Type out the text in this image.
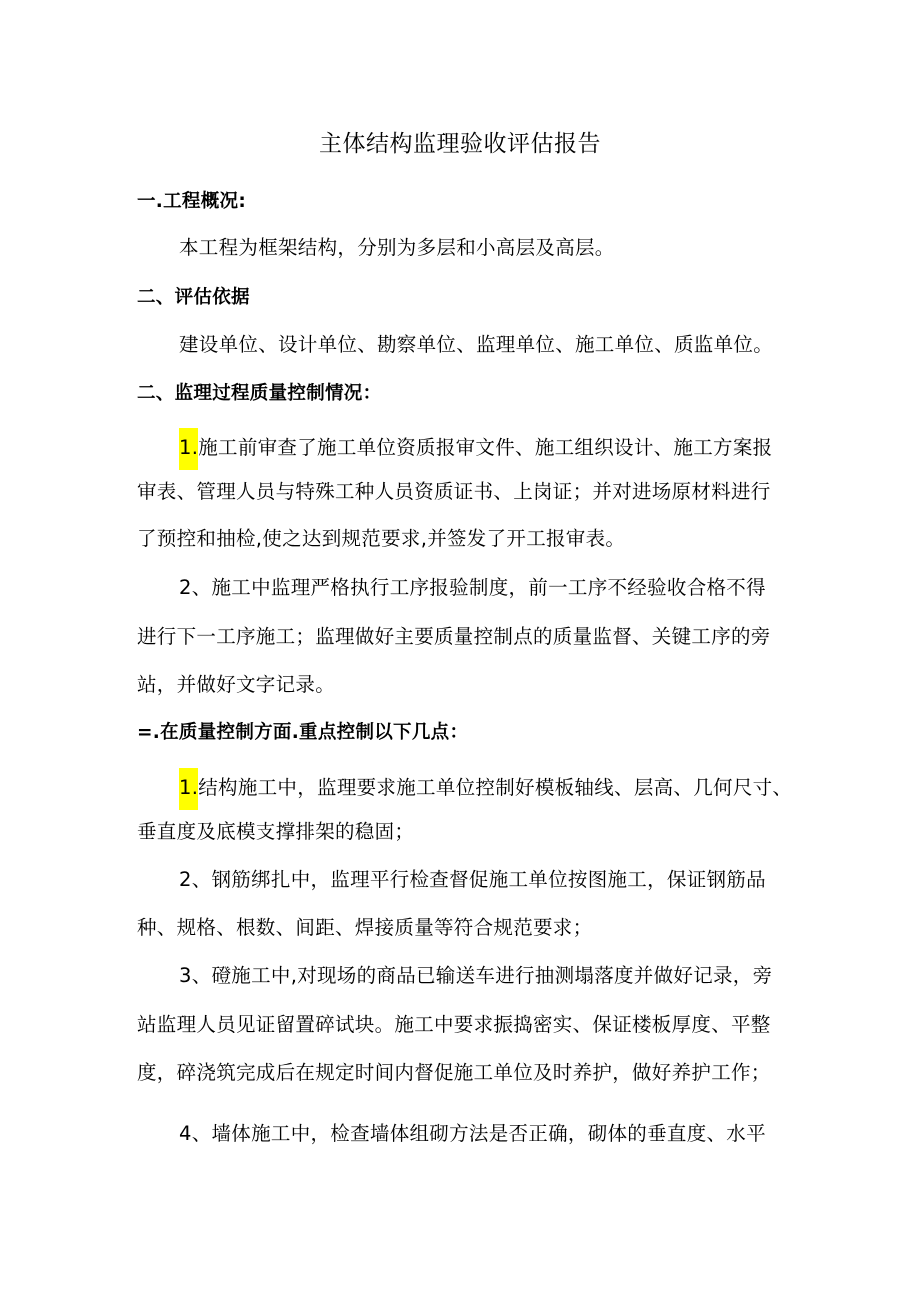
主体结构监理验收评估报告

一.工程概况:

本工程为框架结构，分别为多层和小高层及高层。

二、评估依据

建设单位、设计单位、勘察单位、监理单位、施工单位、质监单位。

二、监理过程质量控制情况：

1.施工前审查了施工单位资质报审文件、施工组织设计、施工方案报

审表、管理人员与特殊工种人员资质证书、上岗证；并对进场原材料进行

了预控和抽检,使之达到规范要求,并签发了开工报审表。

2、施工中监理严格执行工序报验制度，前一工序不经验收合格不得

进行下一工序施工；监理做好主要质量控制点的质量监督、关键工序的旁

站，并做好文字记录。

=.在质量控制方面.重点控制以下几点：

1.结构施工中，监理要求施工单位控制好模板轴线、层高、几何尺寸、

垂直度及底模支撑排架的稳固；

2、钢筋绑扎中，监理平行检查督促施工单位按图施工，保证钢筋品

种、规格、根数、间距、焊接质量等符合规范要求；

3、磴施工中,对现场的商品已输送车进行抽测塌落度并做好记录，旁

站监理人员见证留置碎试块。施工中要求振捣密实、保证楼板厚度、平整

度，碎浇筑完成后在规定时间内督促施工单位及时养护，做好养护工作；

4、墙体施工中，检查墙体组砌方法是否正确，砌体的垂直度、水平
